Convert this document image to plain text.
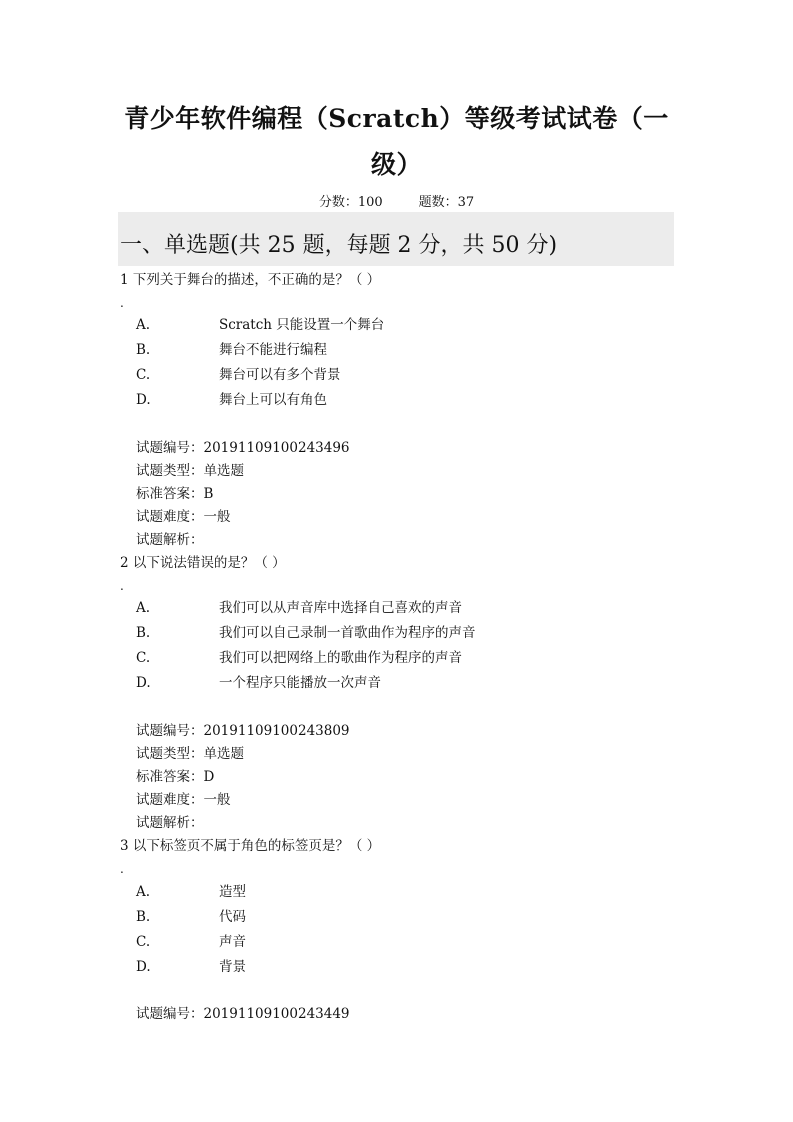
青少年软件编程（Scratch）等级考试试卷（一
级）
分数：100	题数：37
一、单选题(共 25 题，每题 2 分，共 50 分)
1 下列关于舞台的描述，不正确的是？（ ）
.
A.	Scratch 只能设置一个舞台
B.	舞台不能进行编程
C.	舞台可以有多个背景
D.	舞台上可以有角色
试题编号：20191109100243496
试题类型：单选题
标准答案：B
试题难度：一般
试题解析：
2 以下说法错误的是？（ ）
.
A.	我们可以从声音库中选择自己喜欢的声音
B.	我们可以自己录制一首歌曲作为程序的声音
C.	我们可以把网络上的歌曲作为程序的声音
D.	一个程序只能播放一次声音
试题编号：20191109100243809
试题类型：单选题
标准答案：D
试题难度：一般
试题解析：
3 以下标签页不属于角色的标签页是？（ ）
.
A.	造型
B.	代码
C.	声音
D.	背景
试题编号：20191109100243449
